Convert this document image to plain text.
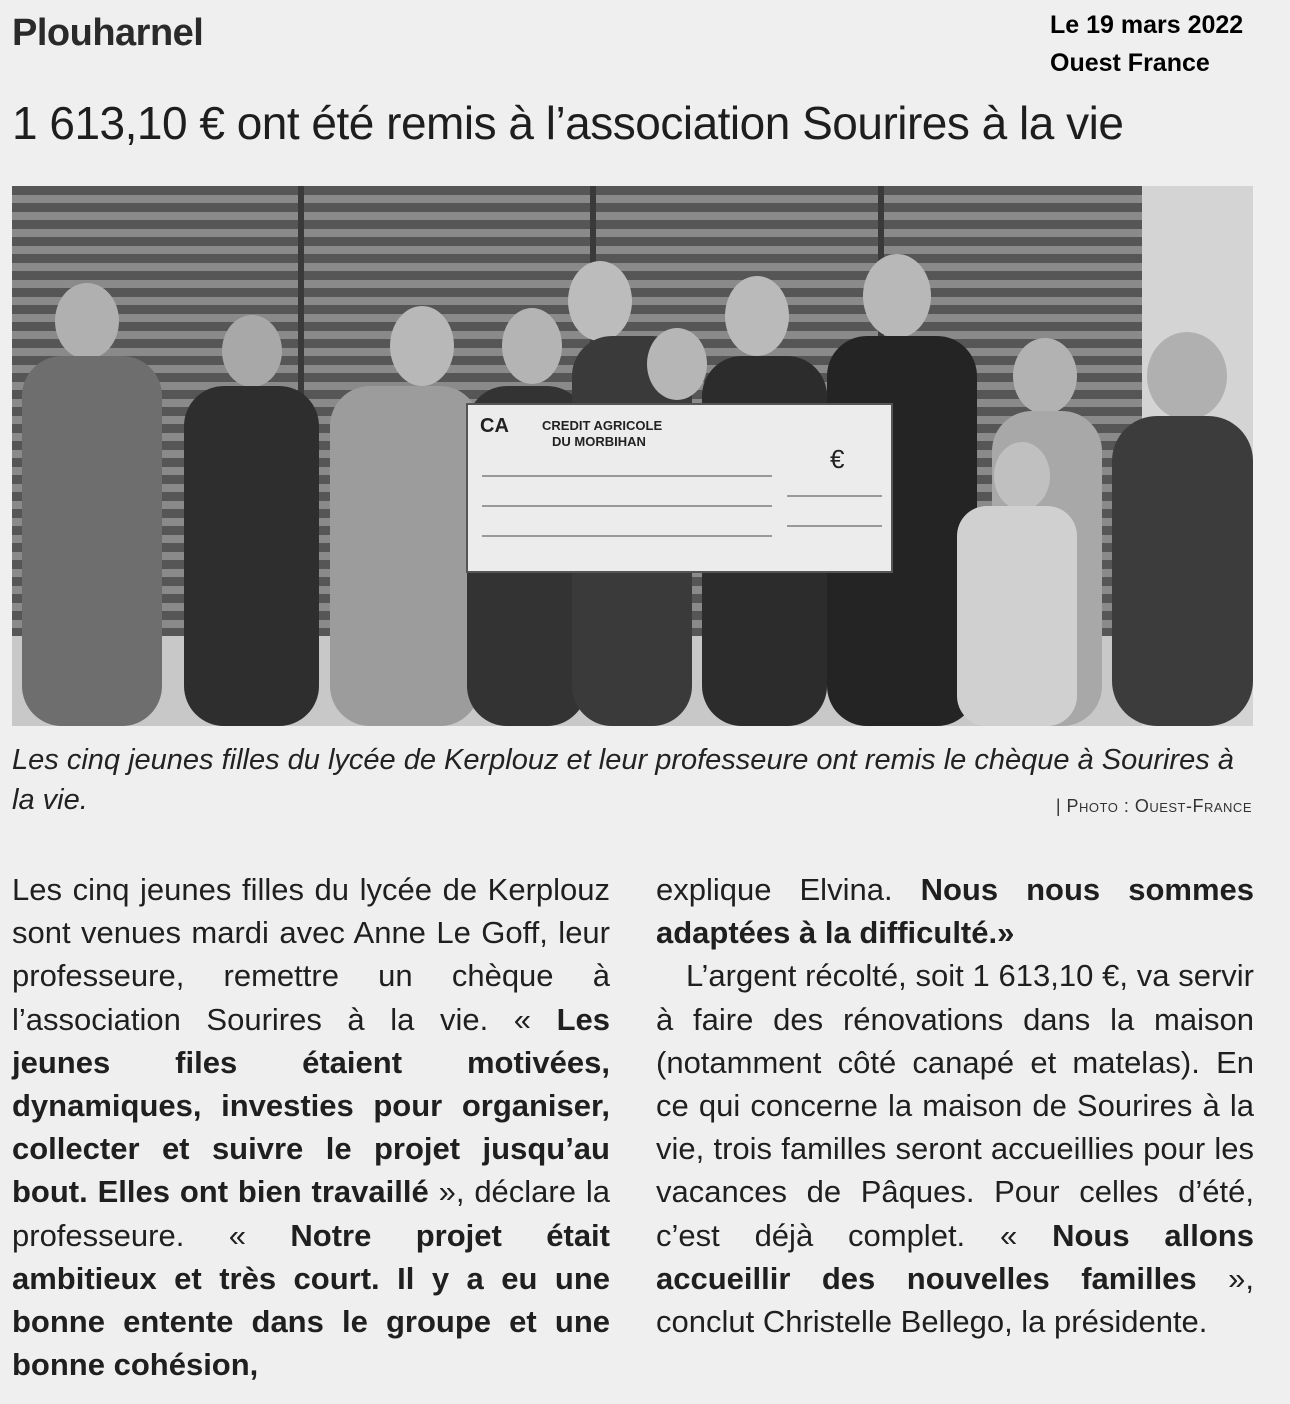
Plouharnel	Le 19 mars 2022
Ouest France
1 613,10 € ont été remis à l’association Sourires à la vie
CA	CREDIT AGRICOLE
DU MORBIHAN
€

Les cinq jeunes filles du lycée de Kerplouz et leur professeure ont remis le chèque à Sourires à la vie.	| Photo : Ouest-France

Les cinq jeunes filles du lycée de Kerplouz sont venues mardi avec Anne Le Goff, leur professeure, remettre un chèque à l’association Sourires à la vie. « Les jeunes files étaient motivées, dynamiques, investies pour organiser, collecter et suivre le projet jusqu’au bout. Elles ont bien travaillé », déclare la professeure. « Notre projet était ambitieux et très court. Il y a eu une bonne entente dans le groupe et une bonne cohésion,

explique Elvina. Nous nous sommes adaptées à la difficulté.»

L’argent récolté, soit 1 613,10 €, va servir à faire des rénovations dans la maison (notamment côté canapé et matelas). En ce qui concerne la maison de Sourires à la vie, trois familles seront accueillies pour les vacances de Pâques. Pour celles d’été, c’est déjà complet. « Nous allons accueillir des nouvelles familles », conclut Christelle Bellego, la présidente.
